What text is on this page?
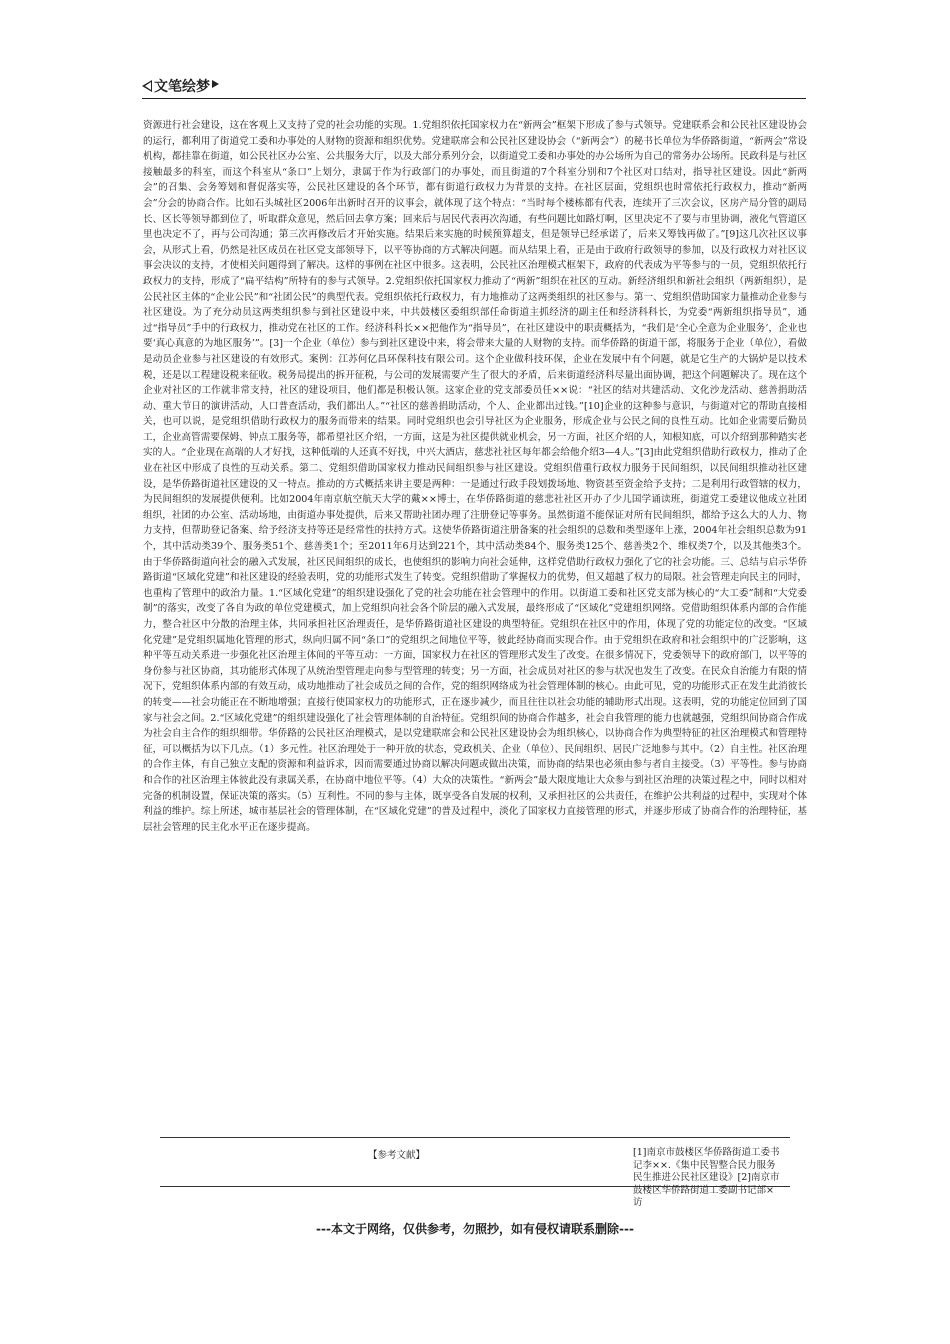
文笔绘梦
资源进行社会建设，这在客观上又支持了党的社会功能的实现。1.党组织依托国家权力在“新两会”框架下形成了参与式领导。党建联系会和公民社区建设协会的运行，都利用了街道党工委和办事处的人财物的资源和组织优势。党建联席会和公民社区建设协会（“新两会”）的秘书长单位为华侨路街道，“新两会”常设机构，都挂靠在街道，如公民社区办公室、公共服务大厅，以及大部分系列分会，以街道党工委和办事处的办公场所为自己的常务办公场所。民政科是与社区接触最多的科室，而这个科室从“条口”上划分，隶属于作为行政部门的办事处，而且街道的7个科室分别和7个社区对口结对，指导社区建设。因此“新两会”的召集、会务筹划和督促落实等，公民社区建设的各个环节，都有街道行政权力为背景的支持。在社区层面，党组织也时常依托行政权力，推动“新两会”分会的协商合作。比如石头城社区2006年出新时召开的议事会，就体现了这个特点：“当时每个楼栋都有代表，连续开了三次会议，区房产局分管的副局长、区长等领导都到位了，听取群众意见，然后回去拿方案；回来后与居民代表再次沟通，有些问题比如路灯啊，区里决定不了要与市里协调，液化气管道区里也决定不了，再与公司沟通；第三次再修改后才开始实施。结果后来实施的时候预算超支，但是领导已经承诺了，后来又筹钱再做了。”[9]这几次社区议事会，从形式上看，仍然是社区成员在社区党支部领导下，以平等协商的方式解决问题。而从结果上看，正是由于政府行政领导的参加，以及行政权力对社区议事会决议的支持，才使相关问题得到了解决。这样的事例在社区中很多。这表明，公民社区治理模式框架下，政府的代表成为平等参与的一员，党组织依托行政权力的支持，形成了“扁平结构”所特有的参与式领导。2.党组织依托国家权力推动了“两新”组织在社区的互动。新经济组织和新社会组织（两新组织），是公民社区主体的“企业公民”和“社团公民”的典型代表。党组织依托行政权力，有力地推动了这两类组织的社区参与。第一、党组织借助国家力量推动企业参与社区建设。为了充分动员这两类组织参与到社区建设中来，中共鼓楼区委组织部任命街道主抓经济的副主任和经济科科长，为党委“两新组织指导员”，通过“指导员”手中的行政权力，推动党在社区的工作。经济科科长××把他作为“指导员”，在社区建设中的职责概括为，“我们是‘全心全意为企业服务’，企业也要‘真心真意的为地区服务’”。[3]一个企业（单位）参与到社区建设中来，将会带来大量的人财物的支持。而华侨路的街道干部，将服务于企业（单位），看做是动员企业参与社区建设的有效形式。案例：江苏何亿昌环保科技有限公司。这个企业做科技环保，企业在发展中有个问题，就是它生产的大锅炉是以技术税，还是以工程建设税来征收。税务局提出的拆开征税，与公司的发展需要产生了很大的矛盾，后来街道经济科尽量出面协调，把这个问题解决了。现在这个企业对社区的工作就非常支持，社区的建设项目，他们都是积极认领。这家企业的党支部委员任××说：“社区的结对共建活动、文化沙龙活动、慈善捐助活动、重大节日的演讲活动，人口普查活动，我们都出人。”“社区的慈善捐助活动，个人、企业都出过钱。”[10]企业的这种参与意识，与街道对它的帮助直接相关，也可以说，是党组织借助行政权力的服务而带来的结果。同时党组织也会引导社区为企业服务，形成企业与公民之间的良性互动。比如企业需要后勤员工，企业高管需要保姆、钟点工服务等，都希望社区介绍，一方面，这是为社区提供就业机会，另一方面，社区介绍的人，知根知底，可以介绍到那种踏实老实的人。“企业现在高端的人才好找，这种低端的人还真不好找，中兴大酒店，慈悲社社区每年都会给他介绍3—4人。”[3]由此党组织借助行政权力，推动了企业在社区中形成了良性的互动关系。第二、党组织借助国家权力推动民间组织参与社区建设。党组织借重行政权力服务于民间组织，以民间组织推动社区建设，是华侨路街道社区建设的又一特点。推动的方式概括来讲主要是两种：一是通过行政手段划拨场地、物资甚至资金给予支持；二是利用行政管辖的权力，为民间组织的发展提供便利。比如2004年南京航空航天大学的戴××博士，在华侨路街道的慈悲社社区开办了少儿国学诵读班，街道党工委建议他成立社团组织，社团的办公室、活动场地，由街道办事处提供，后来又帮助社团办理了注册登记等事务。虽然街道不能保证对所有民间组织，都给予这么大的人力、物力支持，但帮助登记备案、给予经济支持等还是经常性的扶持方式。这使华侨路街道注册备案的社会组织的总数和类型逐年上涨，2004年社会组织总数为91个，其中活动类39个、服务类51个、慈善类1个；至2011年6月达到221个，其中活动类84个、服务类125个、慈善类2个、维权类7个，以及其他类3个。由于华侨路街道向社会的融入式发展，社区民间组织的成长，也使组织的影响力向社会延伸，这样党借助行政权力强化了它的社会功能。三、总结与启示华侨路街道“区域化党建”和社区建设的经验表明，党的功能形式发生了转变。党组织借助了掌握权力的优势，但又超越了权力的局限。社会管理走向民主的同时，也重构了管理中的政治力量。1.“区域化党建”的组织建设强化了党的社会功能在社会管理中的作用。以街道工委和社区党支部为核心的“大工委”制和“大党委制”的落实，改变了各自为政的单位党建模式，加上党组织向社会各个阶层的融入式发展，最终形成了“区域化”党建组织网络。党借助组织体系内部的合作能力，整合社区中分散的治理主体，共同承担社区治理责任，是华侨路街道社区建设的典型特征。党组织在社区中的作用，体现了党的功能定位的改变。“区域化党建”是党组织属地化管理的形式，纵向归属不同“条口”的党组织之间地位平等，彼此经协商而实现合作。由于党组织在政府和社会组织中的广泛影响，这种平等互动关系进一步强化社区治理主体间的平等互动：一方面，国家权力在社区的管理形式发生了改变。在很多情况下，党委领导下的政府部门，以平等的身份参与社区协商，其功能形式体现了从统治型管理走向参与型管理的转变；另一方面，社会成员对社区的参与状况也发生了改变。在民众自治能力有限的情况下，党组织体系内部的有效互动，成功地推动了社会成员之间的合作，党的组织网络成为社会管理体制的核心。由此可见，党的功能形式正在发生此消彼长的转变——社会功能正在不断地增强；直接行使国家权力的功能形式，正在逐步减少，而且往往以社会功能的辅助形式出现。这表明，党的功能定位回到了国家与社会之间。2.“区域化党建”的组织建设强化了社会管理体制的自治特征。党组织间的协商合作越多，社会自我管理的能力也就越强，党组织间协商合作成为社会自主合作的组织细带。华侨路的公民社区治理模式，是以党建联席会和公民社区建设协会为组织核心，以协商合作为典型特征的社区治理模式和管理特征，可以概括为以下几点。（1）多元性。社区治理处于一种开放的状态，党政机关、企业（单位）、民间组织、居民广泛地参与其中。（2）自主性。社区治理的合作主体，有自己独立支配的资源和利益诉求，因而需要通过协商以解决问题或做出决策，而协商的结果也必须由参与者自主接受。（3）平等性。参与协商和合作的社区治理主体彼此没有隶属关系，在协商中地位平等。（4）大众的决策性。“新两会”最大限度地让大众参与到社区治理的决策过程之中，同时以相对完备的机制设置，保证决策的落实。（5）互利性。不同的参与主体，既享受各自发展的权利，又承担社区的公共责任，在维护公共利益的过程中，实现对个体利益的维护。综上所述，城市基层社会的管理体制，在“区域化党建”的普及过程中，淡化了国家权力直接管理的形式，并逐步形成了协商合作的治理特征，基层社会管理的民主化水平正在逐步提高。
【参考文献】	[1]南京市鼓楼区华侨路街道工委书记李××.《集中民智整合民力服务民生推进公民社区建设》[2]南京市鼓楼区华侨路街道工委副书记部×访
---本文于网络，仅供参考，勿照抄，如有侵权请联系删除---
